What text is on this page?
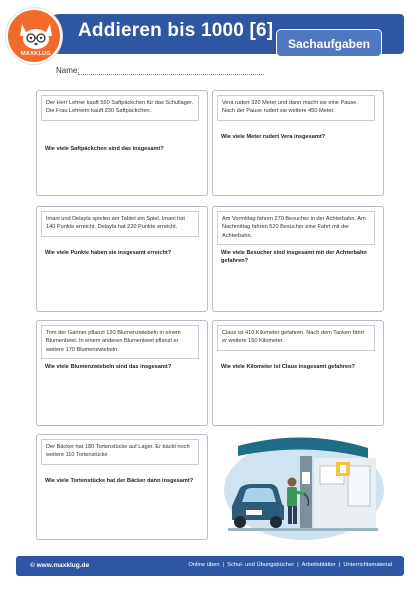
Addieren bis 1000 [6]
Sachaufgaben
MAXKLUG
Name:
Der Herr Lehrer kauft 560 Saftpäckchen für das Schullager. Die Frau Lehrerin kauft 230 Saftpäckchen.
Wie viele Saftpäckchen sind das insgesamt?
Vera rudert 320 Meter und dann macht sie eine Pause. Nach der Pause rudert sie weitere 450 Meter.
Wie viele Meter rudert Vera insgesamt?
Imani und Delayla spielen am Tablet ein Spiel. Imani hat 140 Punkte erreicht. Delayla hat 220 Punkte erreicht.
Wie viele Punkte haben sie insgesamt erreicht?
Am Vormittag fahren 270 Besucher in der Achterbahn. Am Nachmittag fahren 520 Besucher eine Fahrt mit der Achterbahn.
Wie viele Besucher sind insgesamt mit der Achterbahn gefahren?
Tom der Gärtner pflanzt 120 Blumenzwiebeln in einem Blumenbeet. In einem anderen Blumenbeet pflanzt er weitere 170 Blumenzwiebeln.
Wie viele Blumenzwiebeln sind das insgesamt?
Claus ist 410 Kilometer gefahren. Nach dem Tanken fährt er weitere 150 Kilometer.
Wie viele Kilometer ist Claus insgesamt gefahren?
Der Bäcker hat 180 Tortenstücke auf Lager. Er bäckt noch weitere 110 Tortenstücke
Wie viele Tortenstücke hat der Bäcker dann insgesamt?
© www.maxklug.de	Online üben | Schul- und Übungsbücher | Arbeitsblätter | Unterrichtsmaterial
